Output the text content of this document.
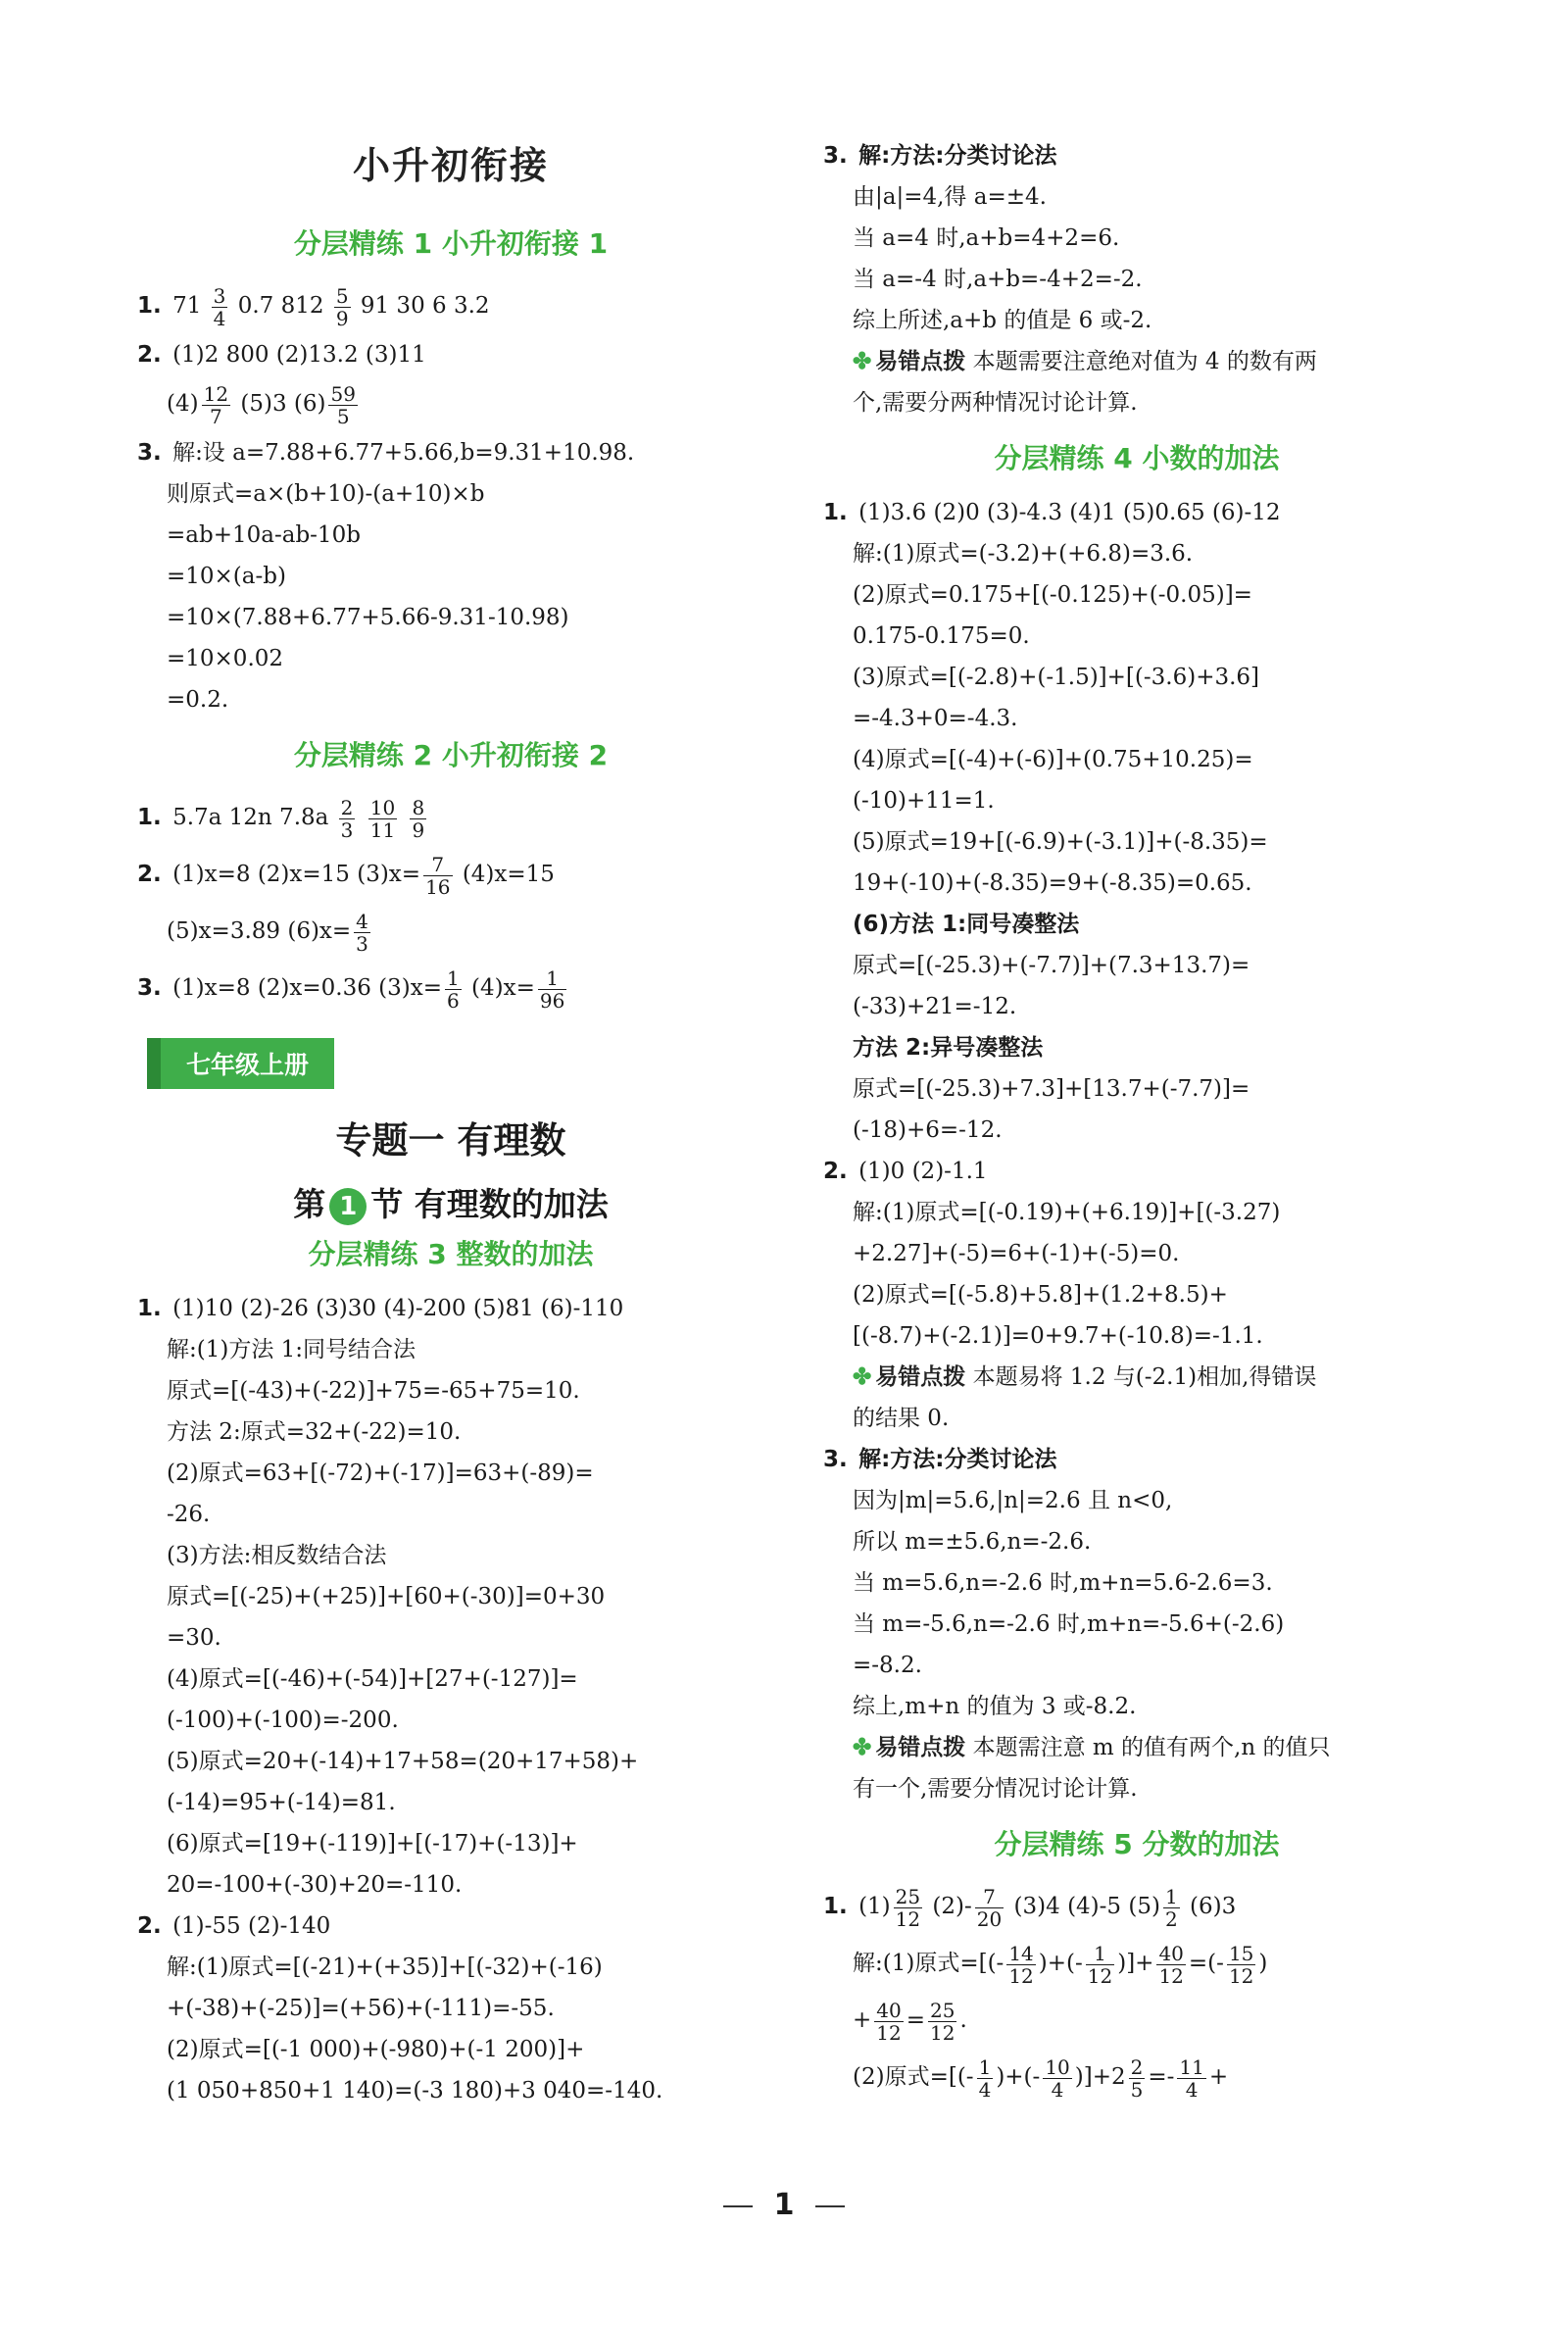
小升初衔接
分层精练 1 小升初衔接 1
1. $71 \frac{3}{4} 0.7$ $812 \frac{5}{9} 91$ 30 6 3.2
2. (1)2 800 (2)13.2 (3)11
$(4) \frac{12}{7} (5)3$ $(6) \frac{59}{5}$
3. 解:设 a=7.88+6.77+5.66,b=9.31+10.98.
则原式=a×(b+10)-(a+10)×b
=ab+10a-ab-10b
=10×(a-b)
=10×(7.88+6.77+5.66-9.31-10.98)
=10×0.02
=0.2.
分层精练 2 小升初衔接 2
1. 5.7a 12n $7.8a \frac{2}{3}$
$\frac{10}{11}$
$\frac{8}{9}$
2. (1)x=8 (2)x=15 $(3)x= \frac{7}{16} (4)x=15$
(5)x=3.89 $(6)x= \frac{4}{3}$
3. (1)x=8 (2)x=0.36 $(3)x= \frac{1}{6} (4)x= \frac{1}{96}$
七年级上册
专题一 有理数
第 1 节 有理数的加法
分层精练 3 整数的加法
1. (1)10 (2)-26 (3)30 (4)-200 (5)81 (6)-110
解:(1)方法 1:同号结合法
原式=[(-43)+(-22)]+75=-65+75=10.
方法 2:原式=32+(-22)=10.
(2)原式=63+[(-72)+(-17)]=63+(-89)=
-26.
(3)方法:相反数结合法
原式=[(-25)+(+25)]+[60+(-30)]=0+30
=30.
(4)原式=[(-46)+(-54)]+[27+(-127)]=
(-100)+(-100)=-200.
(5)原式=20+(-14)+17+58=(20+17+58)+
(-14)=95+(-14)=81.
(6)原式=[19+(-119)]+[(-17)+(-13)]+
20=-100+(-30)+20=-110.
2. (1)-55 (2)-140
解:(1)原式=[(-21)+(+35)]+[(-32)+(-16)
+(-38)+(-25)]=(+56)+(-111)=-55.
(2)原式=[(-1 000)+(-980)+(-1 200)]+
(1 050+850+1 140)=(-3 180)+3 040=-140.
3. 解:方法:分类讨论法
由|a|=4,得 a=±4.
当 a=4 时,a+b=4+2=6.
当 a=-4 时,a+b=-4+2=-2.
综上所述,a+b 的值是 6 或-2.
✤ 易错点拨 本题需要注意绝对值为 4 的数有两
个,需要分两种情况讨论计算.
分层精练 4 小数的加法
1. (1)3.6 (2)0 (3)-4.3 (4)1 (5)0.65 (6)-12
解:(1)原式=(-3.2)+(+6.8)=3.6.
(2)原式=0.175+[(-0.125)+(-0.05)]=
0.175-0.175=0.
(3)原式=[(-2.8)+(-1.5)]+[(-3.6)+3.6]
=-4.3+0=-4.3.
(4)原式=[(-4)+(-6)]+(0.75+10.25)=
(-10)+11=1.
(5)原式=19+[(-6.9)+(-3.1)]+(-8.35)=
19+(-10)+(-8.35)=9+(-8.35)=0.65.
(6)方法 1:同号凑整法
原式=[(-25.3)+(-7.7)]+(7.3+13.7)=
(-33)+21=-12.
方法 2:异号凑整法
原式=[(-25.3)+7.3]+[13.7+(-7.7)]=
(-18)+6=-12.
2. (1)0 (2)-1.1
解:(1)原式=[(-0.19)+(+6.19)]+[(-3.27)
+2.27]+(-5)=6+(-1)+(-5)=0.
(2)原式=[(-5.8)+5.8]+(1.2+8.5)+
[(-8.7)+(-2.1)]=0+9.7+(-10.8)=-1.1.
✤ 易错点拨 本题易将 1.2 与(-2.1)相加,得错误
的结果 0.
3. 解:方法:分类讨论法
因为|m|=5.6,|n|=2.6 且 n<0,
所以 m=±5.6,n=-2.6.
当 m=5.6,n=-2.6 时,m+n=5.6-2.6=3.
当 m=-5.6,n=-2.6 时,m+n=-5.6+(-2.6)
=-8.2.
综上,m+n 的值为 3 或-8.2.
✤ 易错点拨 本题需注意 m 的值有两个,n 的值只
有一个,需要分情况讨论计算.
分层精练 5 分数的加法
1. $(1) \frac{25}{12} (2)- \frac{7}{20} (3)4$ (4)-5 $(5) \frac{1}{2} (6)3$
解:(1)原式=[(- $\frac{14}{12}$ )+(- $\frac{1}{12}$ )]+ $\frac{40}{12}$ =(- $\frac{15}{12}$ )
+ $\frac{40}{12} = \frac{25}{12}$ .
(2)原式=[(- $\frac{1}{4}$ )+(- $\frac{10}{4} )]+2 \frac{2}{5} =- \frac{11}{4}$ +
1
